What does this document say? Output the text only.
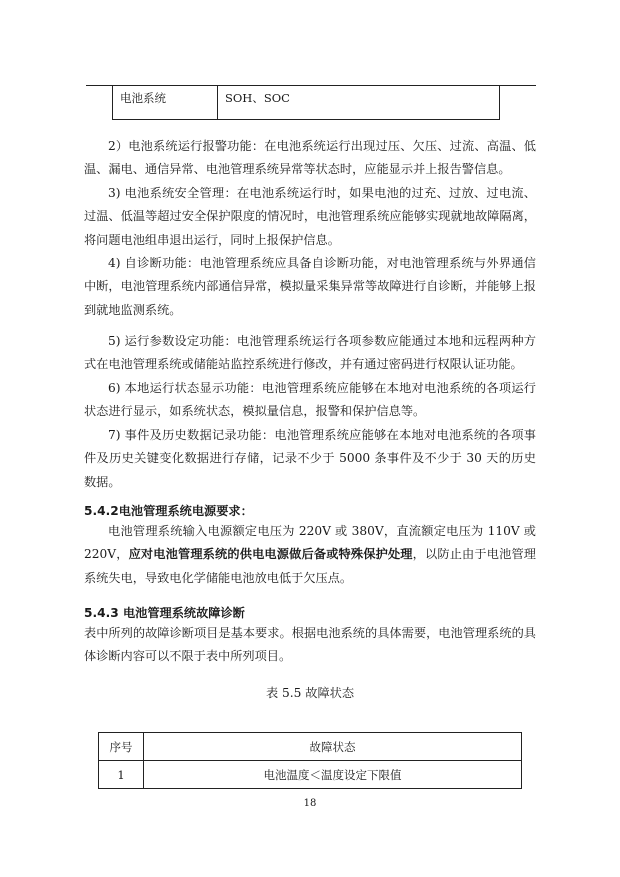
电池系统	SOH、SOC

2）电池系统运行报警功能：在电池系统运行出现过压、欠压、过流、高温、低温、漏电、通信异常、电池管理系统异常等状态时，应能显示并上报告警信息。

3) 电池系统安全管理：在电池系统运行时，如果电池的过充、过放、过电流、过温、低温等超过安全保护限度的情况时，电池管理系统应能够实现就地故障隔离，将问题电池组串退出运行，同时上报保护信息。

4) 自诊断功能：电池管理系统应具备自诊断功能，对电池管理系统与外界通信中断，电池管理系统内部通信异常，模拟量采集异常等故障进行自诊断，并能够上报到就地监测系统。

5) 运行参数设定功能：电池管理系统运行各项参数应能通过本地和远程两种方式在电池管理系统或储能站监控系统进行修改，并有通过密码进行权限认证功能。

6) 本地运行状态显示功能：电池管理系统应能够在本地对电池系统的各项运行状态进行显示，如系统状态，模拟量信息，报警和保护信息等。

7) 事件及历史数据记录功能：电池管理系统应能够在本地对电池系统的各项事件及历史关键变化数据进行存储，记录不少于 5000 条事件及不少于 30 天的历史数据。

5.4.2电池管理系统电源要求：

电池管理系统输入电源额定电压为 220V 或 380V，直流额定电压为 110V 或 220V，应对电池管理系统的供电电源做后备或特殊保护处理，以防止由于电池管理系统失电，导致电化学储能电池放电低于欠压点。

5.4.3 电池管理系统故障诊断

表中所列的故障诊断项目是基本要求。根据电池系统的具体需要，电池管理系统的具体诊断内容可以不限于表中所列项目。

表 5.5 故障状态
序号	故障状态
1	电池温度＜温度设定下限值
18
